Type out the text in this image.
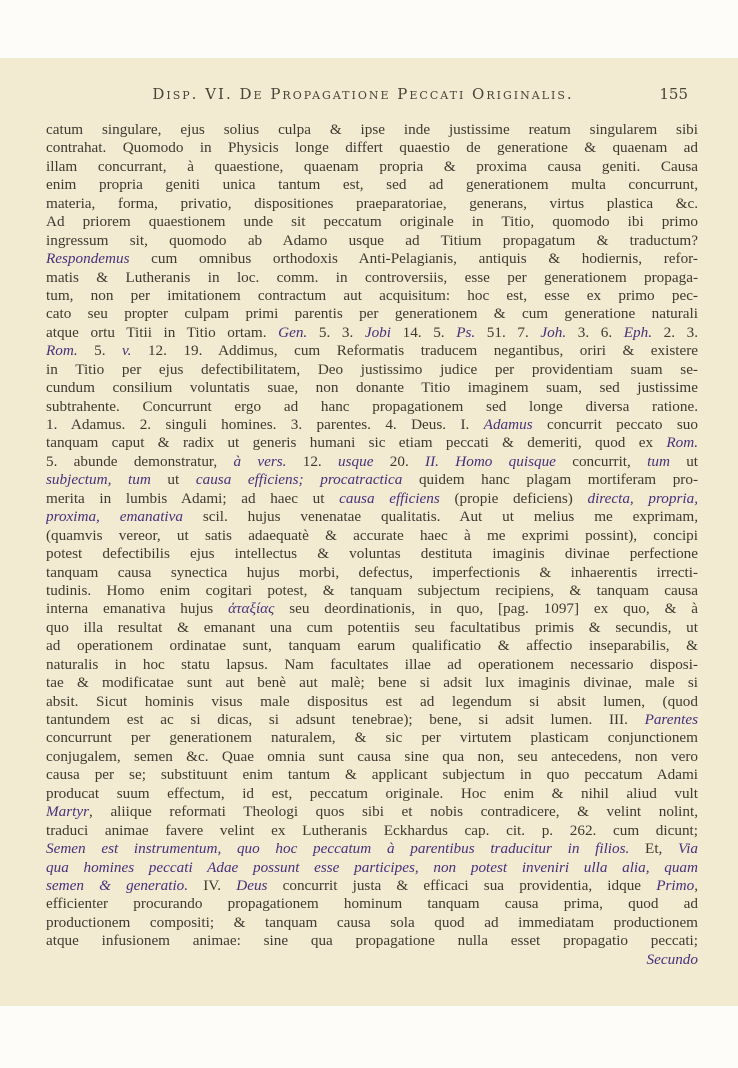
Disp. VI. De Propagatione Peccati Originalis.	155
catum singulare, ejus solius culpa & ipse inde justissime reatum singularem sibi
contrahat. Quomodo in Physicis longe differt quaestio de generatione & quaenam ad
illam concurrant, à quaestione, quaenam propria & proxima causa geniti. Causa
enim propria geniti unica tantum est, sed ad generationem multa concurrunt,
materia, forma, privatio, dispositiones praeparatoriae, generans, virtus plastica &c.
Ad priorem quaestionem unde sit peccatum originale in Titio, quomodo ibi primo
ingressum sit, quomodo ab Adamo usque ad Titium propagatum & traductum?
Respondemus cum omnibus orthodoxis Anti-Pelagianis, antiquis & hodiernis, refor-
matis & Lutheranis in loc. comm. in controversiis, esse per generationem propaga-
tum, non per imitationem contractum aut acquisitum: hoc est, esse ex primo pec-
cato seu propter culpam primi parentis per generationem & cum generatione naturali
atque ortu Titii in Titio ortam. Gen. 5. 3. Jobi 14. 5. Ps. 51. 7. Joh. 3. 6. Eph. 2. 3.
Rom. 5. v. 12. 19. Addimus, cum Reformatis traducem negantibus, oriri & existere
in Titio per ejus defectibilitatem, Deo justissimo judice per providentiam suam se-
cundum consilium voluntatis suae, non donante Titio imaginem suam, sed justissime
subtrahente. Concurrunt ergo ad hanc propagationem sed longe diversa ratione.
1. Adamus. 2. singuli homines. 3. parentes. 4. Deus. I. Adamus concurrit peccato suo
tanquam caput & radix ut generis humani sic etiam peccati & demeriti, quod ex Rom.
5. abunde demonstratur, à vers. 12. usque 20. II. Homo quisque concurrit, tum ut
subjectum, tum ut causa efficiens; procatractica quidem hanc plagam mortiferam pro-
merita in lumbis Adami; ad haec ut causa efficiens (propie deficiens) directa, propria,
proxima, emanativa scil. hujus venenatae qualitatis. Aut ut melius me exprimam,
(quamvis vereor, ut satis adaequatè & accurate haec à me exprimi possint), concipi
potest defectibilis ejus intellectus & voluntas destituta imaginis divinae perfectione
tanquam causa synectica hujus morbi, defectus, imperfectionis & inhaerentis irrecti-
tudinis. Homo enim cogitari potest, & tanquam subjectum recipiens, & tanquam causa
interna emanativa hujus ἀταξίας seu deordinationis, in quo, [pag. 1097] ex quo, & à
quo illa resultat & emanant una cum potentiis seu facultatibus primis & secundis, ut
ad operationem ordinatae sunt, tanquam earum qualificatio & affectio inseparabilis, &
naturalis in hoc statu lapsus. Nam facultates illae ad operationem necessario disposi-
tae & modificatae sunt aut benè aut malè; bene si adsit lux imaginis divinae, male si
absit. Sicut hominis visus male dispositus est ad legendum si absit lumen, (quod
tantundem est ac si dicas, si adsunt tenebrae); bene, si adsit lumen. III. Parentes
concurrunt per generationem naturalem, & sic per virtutem plasticam conjunctionem
conjugalem, semen &c. Quae omnia sunt causa sine qua non, seu antecedens, non vero
causa per se; substituunt enim tantum & applicant subjectum in quo peccatum Adami
producat suum effectum, id est, peccatum originale. Hoc enim & nihil aliud vult
Martyr, aliique reformati Theologi quos sibi et nobis contradicere, & velint nolint,
traduci animae favere velint ex Lutheranis Eckhardus cap. cit. p. 262. cum dicunt;
Semen est instrumentum, quo hoc peccatum à parentibus traducitur in filios. Et, Via
qua homines peccati Adae possunt esse participes, non potest inveniri ulla alia, quam
semen & generatio. IV. Deus concurrit justa & efficaci sua providentia, idque Primo,
efficienter procurando propagationem hominum tanquam causa prima, quod ad
productionem compositi; & tanquam causa sola quod ad immediatam productionem
atque infusionem animae: sine qua propagatione nulla esset propagatio peccati;
Secundo
